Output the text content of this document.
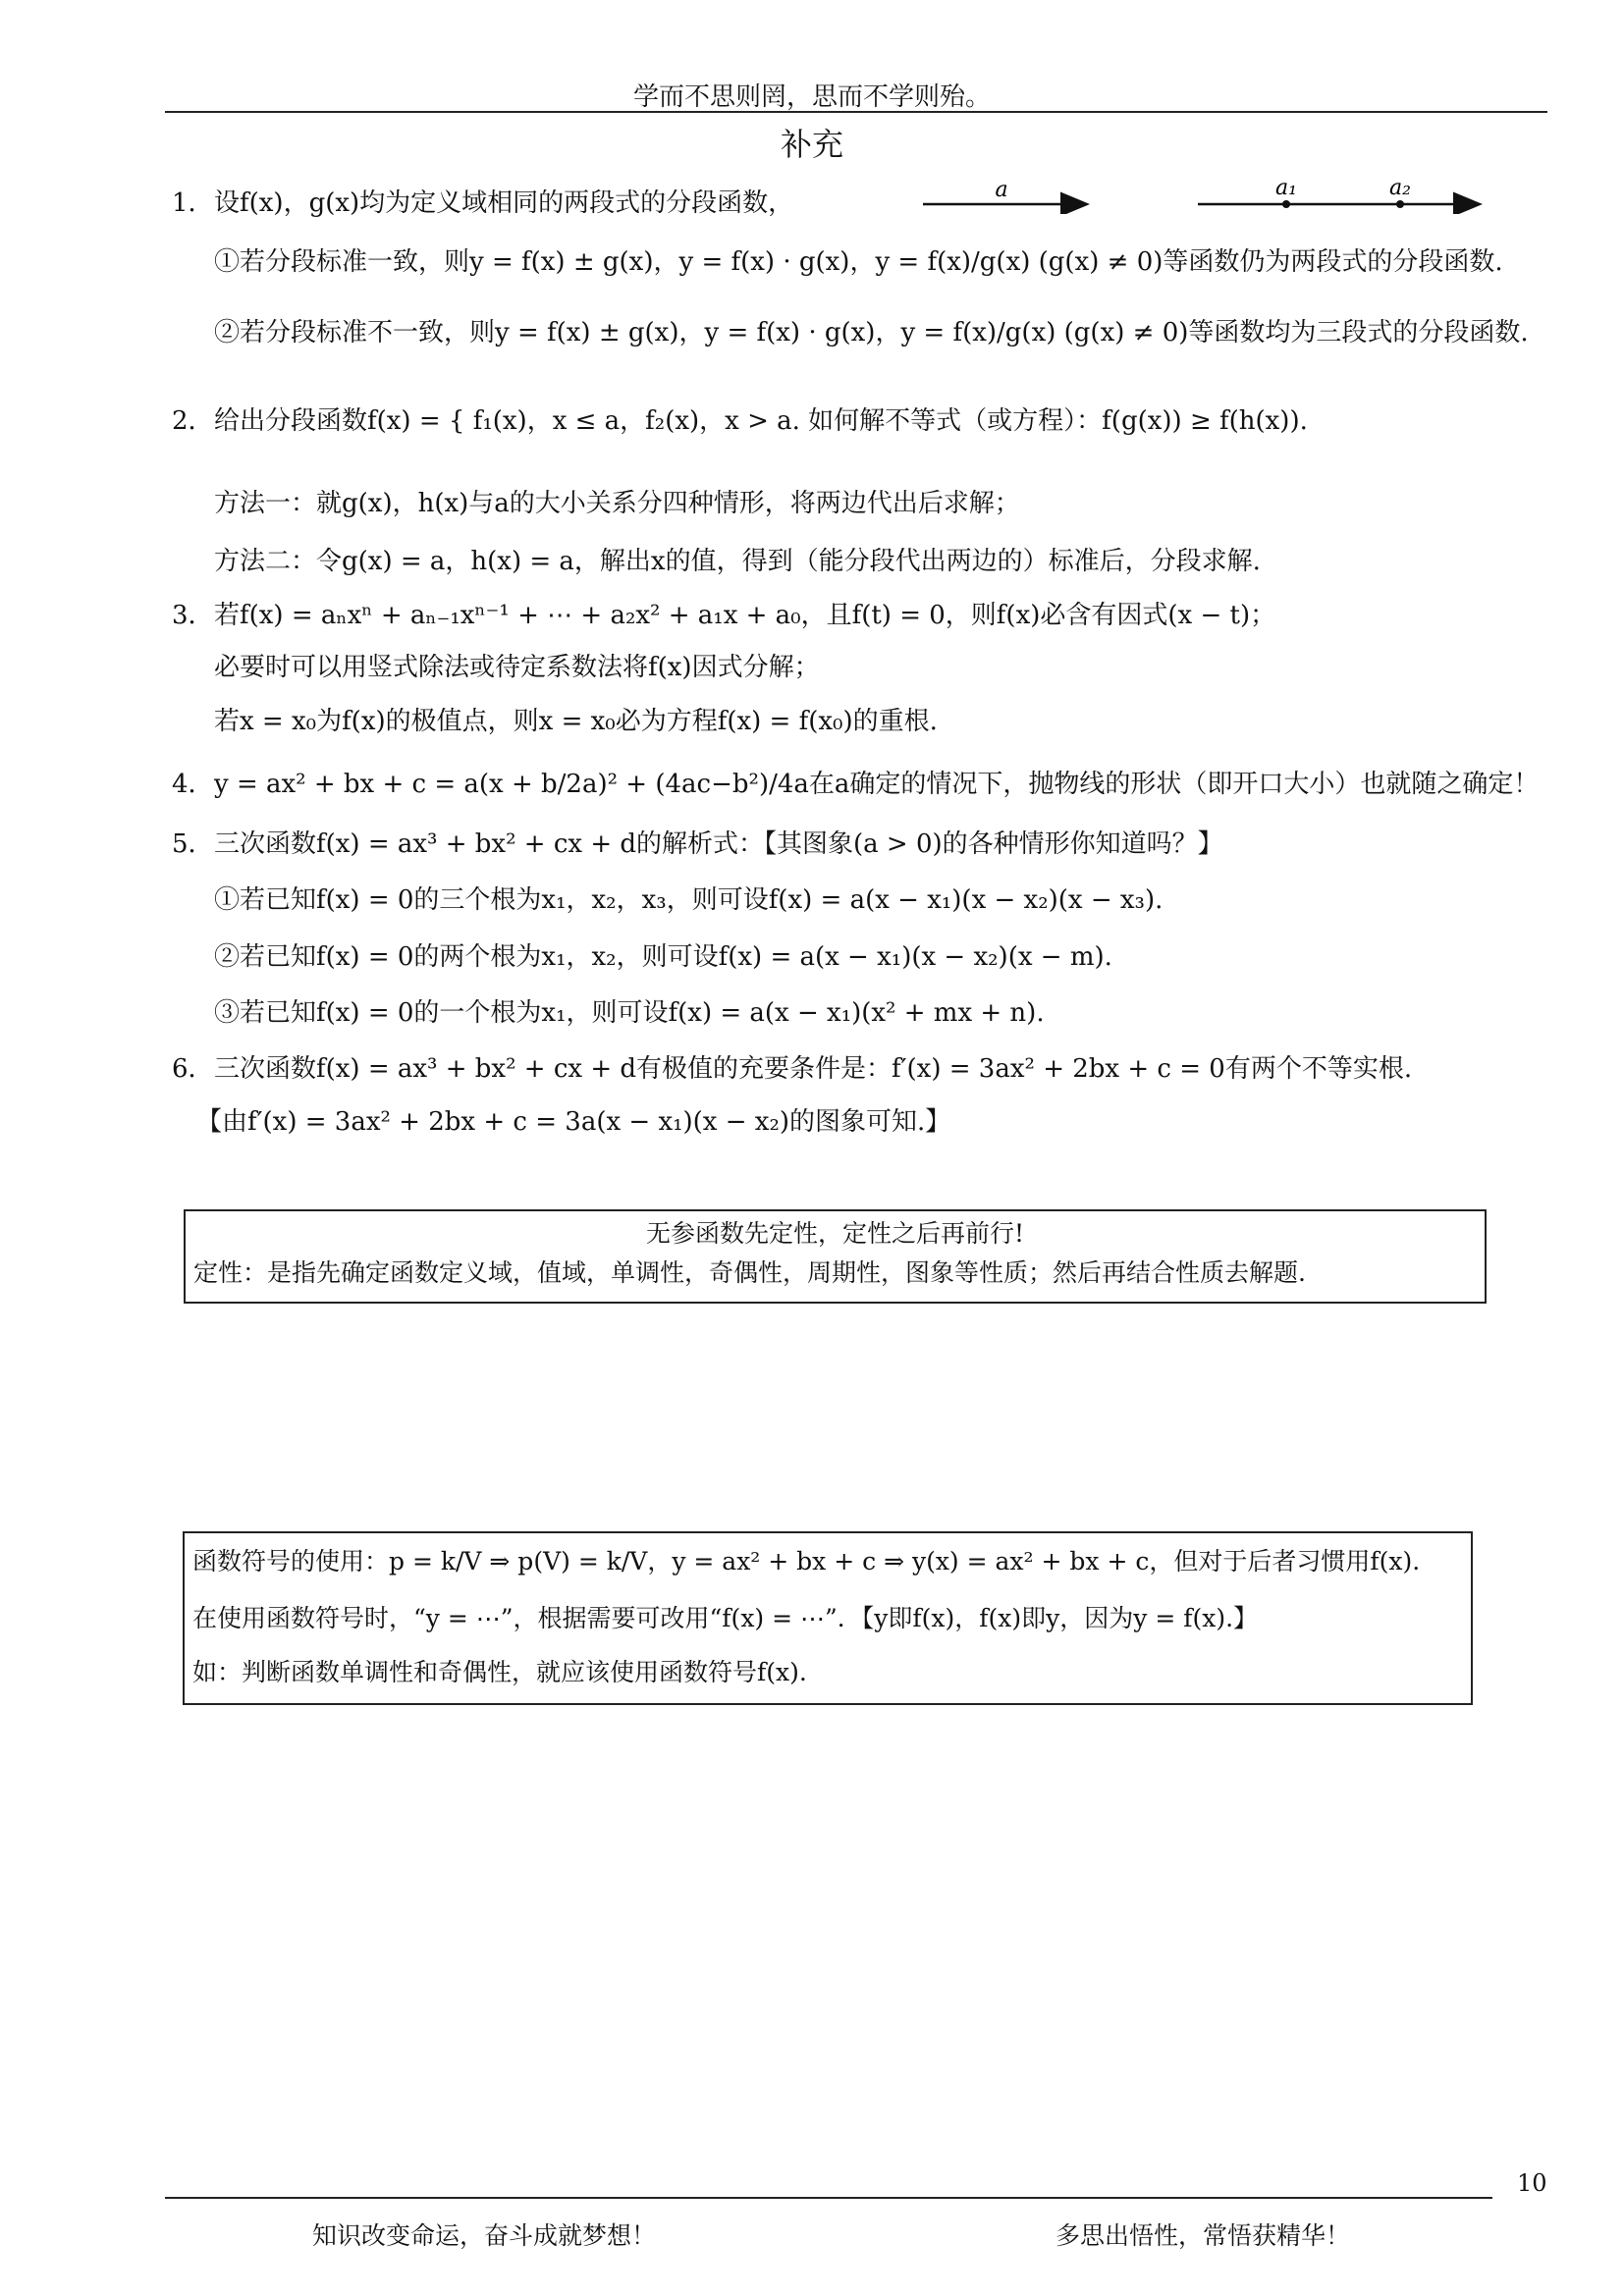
学而不思则罔，思而不学则殆。
补充
a	a₁	a₂
1． 设f(x)，g(x)均为定义域相同的两段式的分段函数，
①若分段标准一致，则y = f(x) ± g(x)，y = f(x) · g(x)，y = f(x)/g(x) (g(x) ≠ 0)等函数仍为两段式的分段函数.
②若分段标准不一致，则y = f(x) ± g(x)，y = f(x) · g(x)，y = f(x)/g(x) (g(x) ≠ 0)等函数均为三段式的分段函数.
2． 给出分段函数f(x) = { f₁(x)，x ≤ a，f₂(x)，x > a. 如何解不等式（或方程）：f(g(x)) ≥ f(h(x)).
方法一：就g(x)，h(x)与a的大小关系分四种情形，将两边代出后求解；
方法二：令g(x) = a，h(x) = a，解出x的值，得到（能分段代出两边的）标准后，分段求解.
3． 若f(x) = aₙxⁿ + aₙ₋₁xⁿ⁻¹ + ⋯ + a₂x² + a₁x + a₀，且f(t) = 0，则f(x)必含有因式(x − t)；
必要时可以用竖式除法或待定系数法将f(x)因式分解；
若x = x₀为f(x)的极值点，则x = x₀必为方程f(x) = f(x₀)的重根.
4． y = ax² + bx + c = a(x + b/2a)² + (4ac−b²)/4a在a确定的情况下，抛物线的形状（即开口大小）也就随之确定！
5． 三次函数f(x) = ax³ + bx² + cx + d的解析式：【其图象(a > 0)的各种情形你知道吗？】
①若已知f(x) = 0的三个根为x₁，x₂，x₃，则可设f(x) = a(x − x₁)(x − x₂)(x − x₃).
②若已知f(x) = 0的两个根为x₁，x₂，则可设f(x) = a(x − x₁)(x − x₂)(x − m).
③若已知f(x) = 0的一个根为x₁，则可设f(x) = a(x − x₁)(x² + mx + n).
6． 三次函数f(x) = ax³ + bx² + cx + d有极值的充要条件是：f′(x) = 3ax² + 2bx + c = 0有两个不等实根.
【由f′(x) = 3ax² + 2bx + c = 3a(x − x₁)(x − x₂)的图象可知.】
无参函数先定性，定性之后再前行!
定性：是指先确定函数定义域，值域，单调性，奇偶性，周期性，图象等性质；然后再结合性质去解题.
函数符号的使用：p = k/V ⇒ p(V) = k/V，y = ax² + bx + c ⇒ y(x) = ax² + bx + c，但对于后者习惯用f(x).
在使用函数符号时，“y = ⋯”，根据需要可改用“f(x) = ⋯”．【y即f(x)，f(x)即y，因为y = f(x).】
如：判断函数单调性和奇偶性，就应该使用函数符号f(x).
10
知识改变命运，奋斗成就梦想！	多思出悟性，常悟获精华！
